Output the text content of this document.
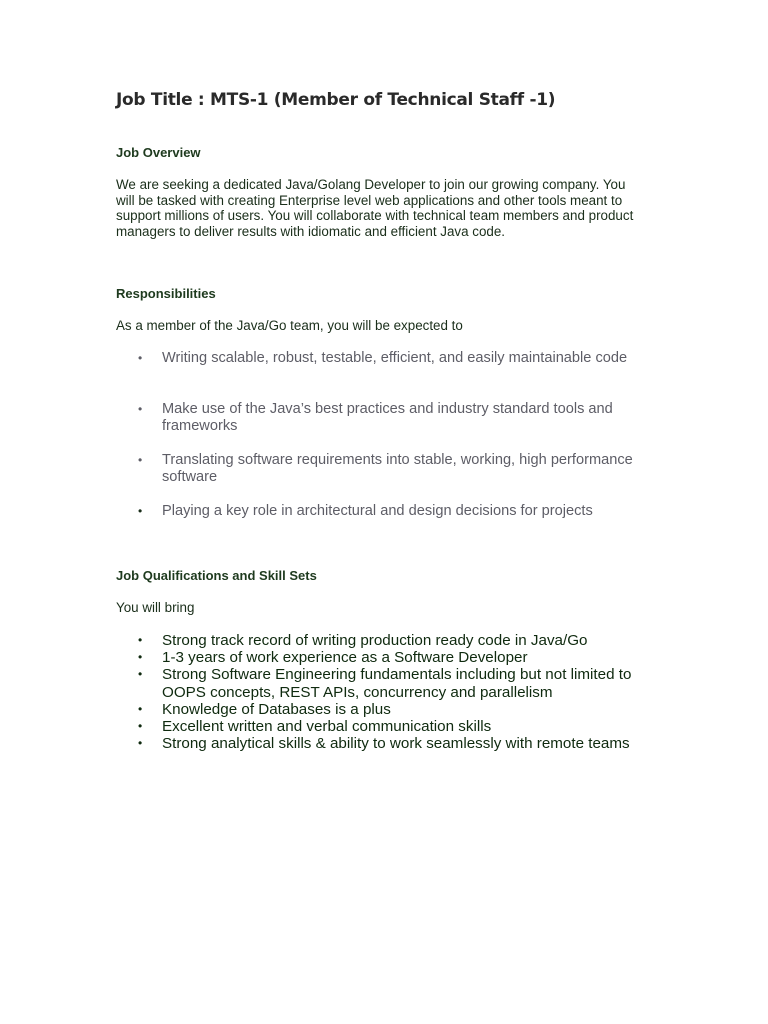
Job Title : MTS-1 (Member of Technical Staff -1)
Job Overview

We are seeking a dedicated Java/Golang Developer to join our growing company. You will be tasked with creating Enterprise level web applications and other tools meant to support millions of users. You will collaborate with technical team members and product managers to deliver results with idiomatic and efficient Java code.

Responsibilities

As a member of the Java/Go team, you will be expected to

• Writing scalable, robust, testable, efficient, and easily maintainable code
• Make use of the Java’s best practices and industry standard tools and frameworks
• Translating software requirements into stable, working, high performance software
• Playing a key role in architectural and design decisions for projects
Job Qualifications and Skill Sets

You will bring

• Strong track record of writing production ready code in Java/Go
• 1-3 years of work experience as a Software Developer
• Strong Software Engineering fundamentals including but not limited to OOPS concepts, REST APIs, concurrency and parallelism
• Knowledge of Databases is a plus
• Excellent written and verbal communication skills
• Strong analytical skills & ability to work seamlessly with remote teams
